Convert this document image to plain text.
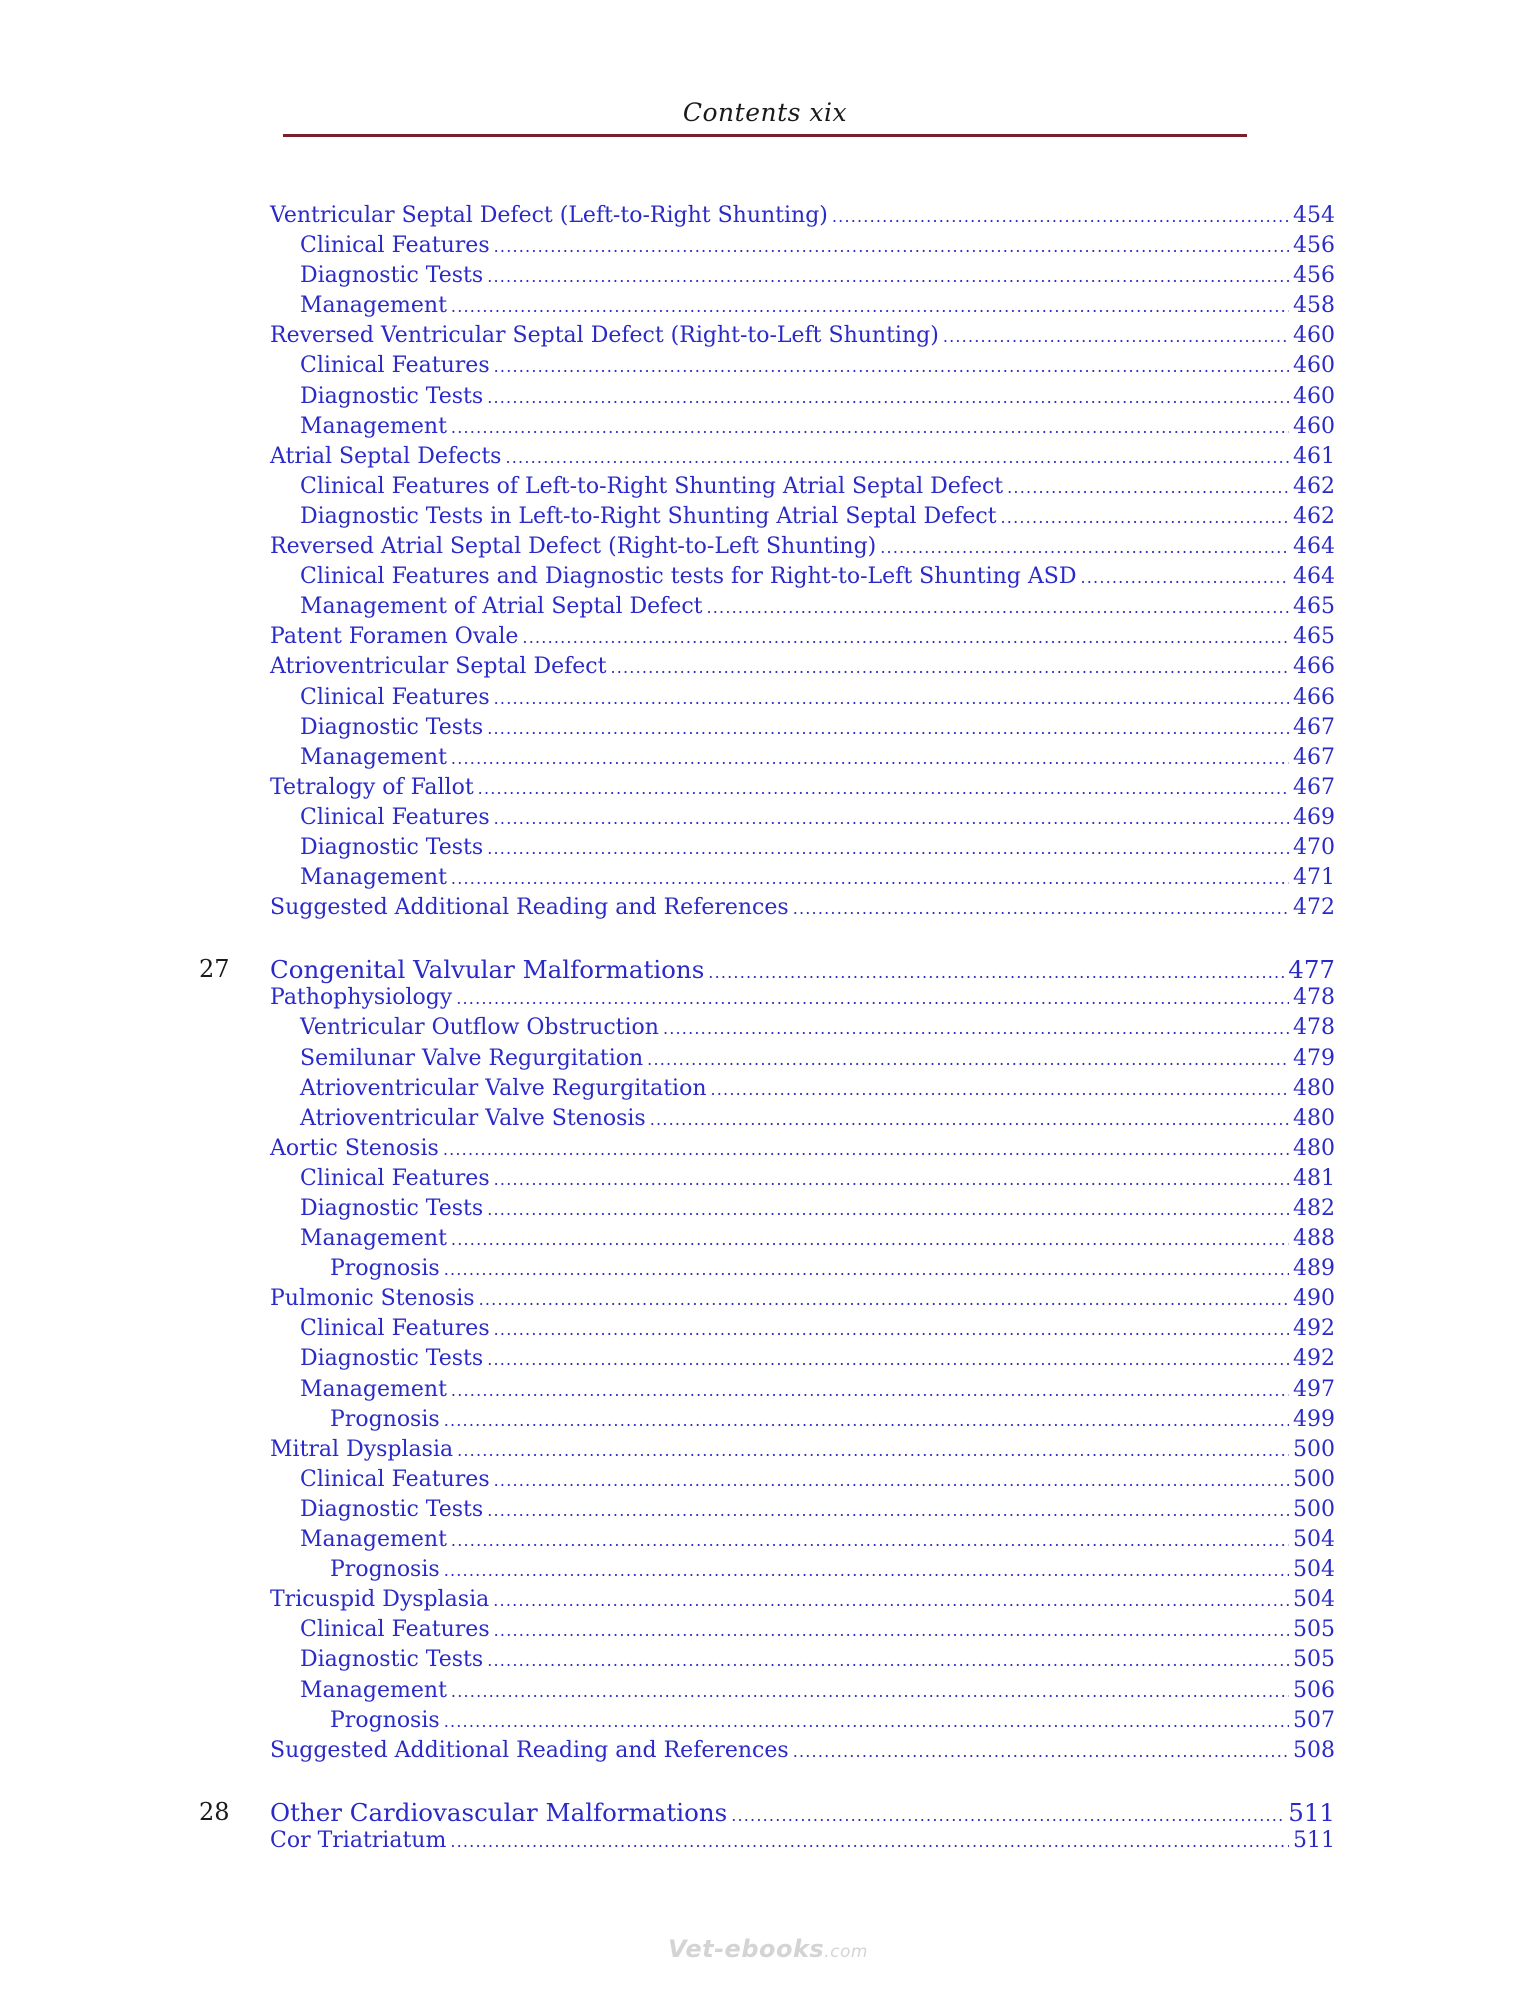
Contents xix
Ventricular Septal Defect (Left-to-Right Shunting) .....	454
Clinical Features .....	456
Diagnostic Tests .....	456
Management .....	458
Reversed Ventricular Septal Defect (Right-to-Left Shunting) .....	460
Clinical Features .....	460
Diagnostic Tests .....	460
Management .....	460
Atrial Septal Defects .....	461
Clinical Features of Left-to-Right Shunting Atrial Septal Defect .....	462
Diagnostic Tests in Left-to-Right Shunting Atrial Septal Defect .....	462
Reversed Atrial Septal Defect (Right-to-Left Shunting) .....	464
Clinical Features and Diagnostic tests for Right-to-Left Shunting ASD .....	464
Management of Atrial Septal Defect .....	465
Patent Foramen Ovale .....	465
Atrioventricular Septal Defect .....	466
Clinical Features .....	466
Diagnostic Tests .....	467
Management .....	467
Tetralogy of Fallot .....	467
Clinical Features .....	469
Diagnostic Tests .....	470
Management .....	471
Suggested Additional Reading and References .....	472
27 Congenital Valvular Malformations .....	477
Pathophysiology .....	478
Ventricular Outflow Obstruction .....	478
Semilunar Valve Regurgitation .....	479
Atrioventricular Valve Regurgitation .....	480
Atrioventricular Valve Stenosis .....	480
Aortic Stenosis .....	480
Clinical Features .....	481
Diagnostic Tests .....	482
Management .....	488
Prognosis .....	489
Pulmonic Stenosis .....	490
Clinical Features .....	492
Diagnostic Tests .....	492
Management .....	497
Prognosis .....	499
Mitral Dysplasia .....	500
Clinical Features .....	500
Diagnostic Tests .....	500
Management .....	504
Prognosis .....	504
Tricuspid Dysplasia .....	504
Clinical Features .....	505
Diagnostic Tests .....	505
Management .....	506
Prognosis .....	507
Suggested Additional Reading and References .....	508
28 Other Cardiovascular Malformations .....	511
Cor Triatriatum .....	511
Vet-ebooks.com
